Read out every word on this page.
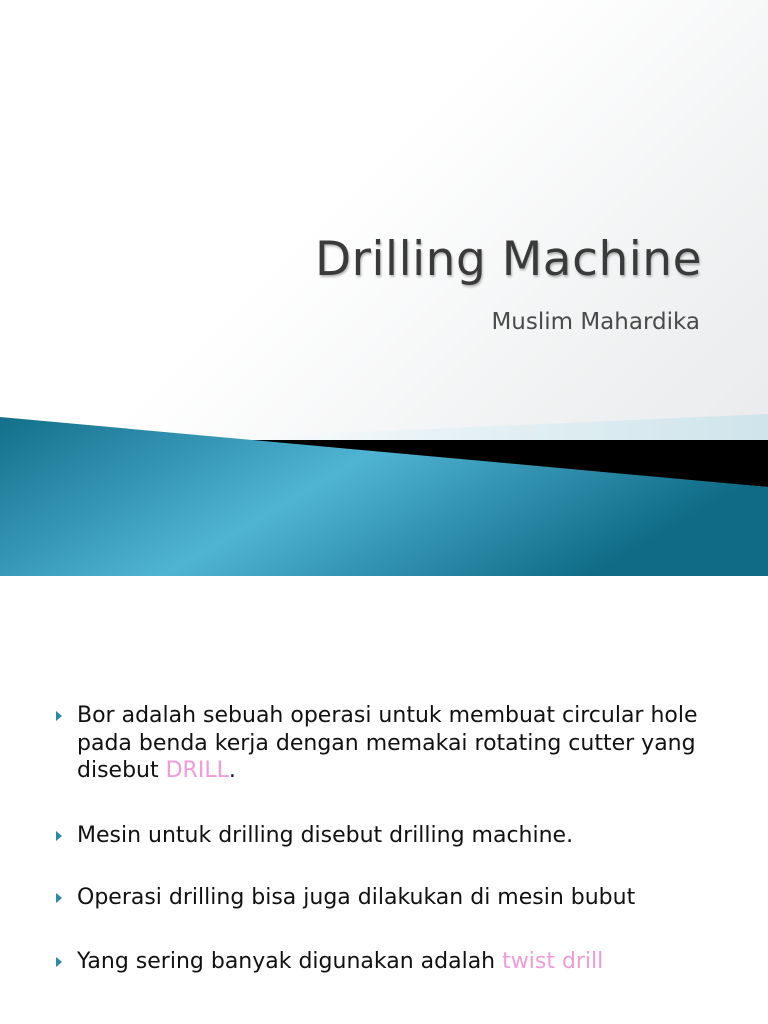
Drilling Machine
Muslim Mahardika
Bor adalah sebuah operasi untuk membuat circular hole pada benda kerja dengan memakai rotating cutter yang disebut DRILL.
Mesin untuk drilling disebut drilling machine.
Operasi drilling bisa juga dilakukan di mesin bubut
Yang sering banyak digunakan adalah twist drill
